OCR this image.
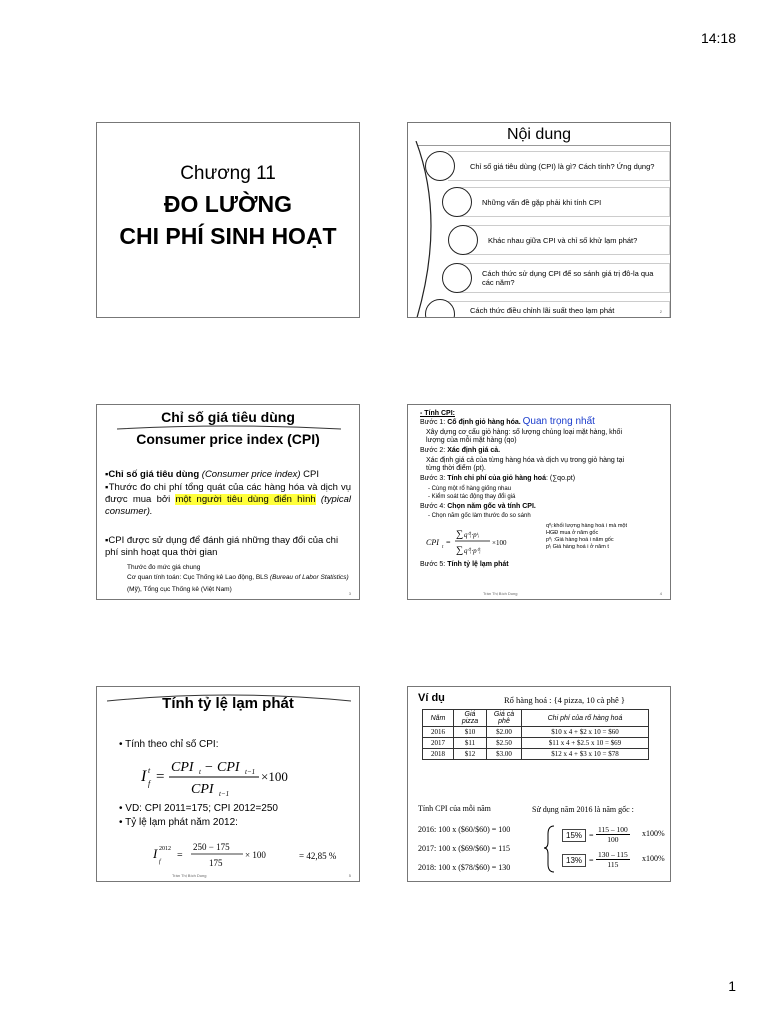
14:18
1
Chương 11
ĐO LƯỜNG
CHI PHÍ SINH HOẠT
Nội dung
Chỉ số giá tiêu dùng (CPI) là gì? Cách tính? Ứng dụng?
Những vấn đề gặp phải khi tính CPI
Khác nhau giữa CPI và chỉ số khử lạm phát?
Cách thức sử dụng CPI để so sánh giá trị đô-la qua các năm?
Cách thức điều chỉnh lãi suất theo lạm phát	2
Chỉ số giá tiêu dùng
Consumer price index (CPI)
▪Chỉ số giá tiêu dùng (Consumer price index) CPI
▪Thước đo chi phí tổng quát của các hàng hóa và dịch vụ được mua bởi một người tiêu dùng điển hình (typical consumer).
▪CPI được sử dụng để đánh giá những thay đổi của chi phí sinh hoạt qua thời gian
Thước đo mức giá chung
Cơ quan tính toán: Cục Thống kê Lao động, BLS (Bureau of Labor Statistics)
(Mỹ), Tổng cục Thống kê (Việt Nam)
3
- Tính CPI:
Bước 1: Cố định giỏ hàng hóa. Quan trọng nhất
Xây dựng cơ cấu giỏ hàng: số lượng chủng loại mặt hàng, khối
lượng của mỗi mặt hàng (qo)
Bước 2: Xác định giá cả.
Xác định giá cả của từng hàng hóa và dịch vụ trong giỏ hàng tại
từng thời điểm (pt).
Bước 3: Tính chi phí của giỏ hàng hoá: (∑qo.pt)
- Cùng một rổ hàng giống nhau
- Kiểm soát tác động thay đổi giá
Bước 4: Chọn năm gốc và tính CPI.
- Chọn năm gốc làm thước đo so sánh
CPI
t
=
∑ q⁰ᵢ·pᵗᵢ
∑ q⁰ᵢ·p⁰ᵢ
×100
q⁰ᵢ:khối lượng hàng hoá i mà một
HGĐ mua ở năm gốc
p⁰ᵢ :Giá hàng hoá i năm gốc
pᵗᵢ Giá hàng hoá i ở năm t
Bước 5: Tính tỷ lệ lạm phát
Trần Thị Bích Dung	4
Tính tỷ lệ lạm phát
• Tính theo chỉ số CPI:
I t
f =
CPI t − CPI t−1
CPI t−1
×100
• VD: CPI 2011=175; CPI 2012=250
• Tỷ lệ lạm phát năm 2012:
I 2012
f
=
250 − 175
175
× 100	= 42,85 %
Trần Thị Bích Dung	5
Ví dụ	Rổ hàng hoá : {4 pizza, 10 cà phê }
Năm	Giá pizza	Giá cà phê	Chi phí của rổ hàng hoá
2016	$10	$2.00	$10 x 4 + $2 x 10 = $60
2017	$11	$2.50	$11 x 4 + $2.5 x 10 = $69
2018	$12	$3.00	$12 x 4 + $3 x 10 = $78
Tính CPI của mỗi năm	Sử dụng năm 2016 là năm gốc :
2016: 100 x ($60/$60) = 100
2017: 100 x ($69/$60) = 115
2018: 100 x ($78/$60) = 130
$15\% = \frac{115 - 100}{100} x100\%$
$13\% = \frac{130 - 115}{115} x100\%$
